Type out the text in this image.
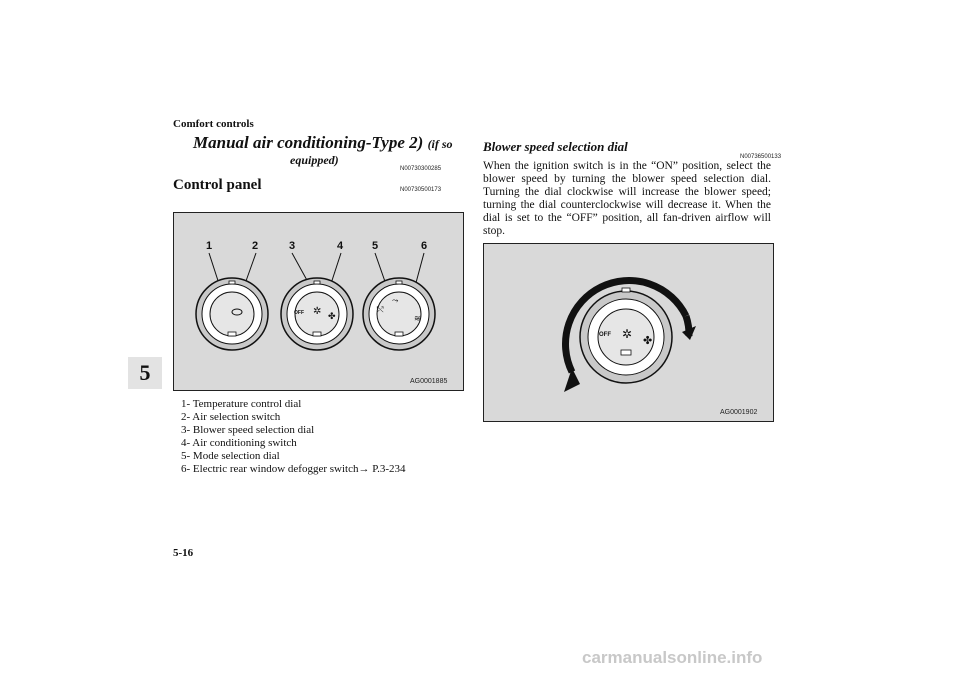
Comfort controls
5
Manual air conditioning-Type 2) (if so
equipped)
N00730300285
Control panel	N00730500173
1	2	3	4	5	6
OFF ✲ ✤
⤲
⤳
≋
AG0001885
1- Temperature control dial
2- Air selection switch
3- Blower speed selection dial
4- Air conditioning switch
5- Mode selection dial
6- Electric rear window defogger switch→ P.3-234
Blower speed selection dial
N00736500133
When the ignition switch is in the “ON” position, select the blower speed by turning the blower speed selection dial. Turning the dial clockwise will increase the blower speed; turning the dial counterclockwise will decrease it. When the dial is set to the “OFF” position, all fan-driven airflow will stop.
OFF ✲ ✤
AG0001902
5-16
carmanualsonline.info
